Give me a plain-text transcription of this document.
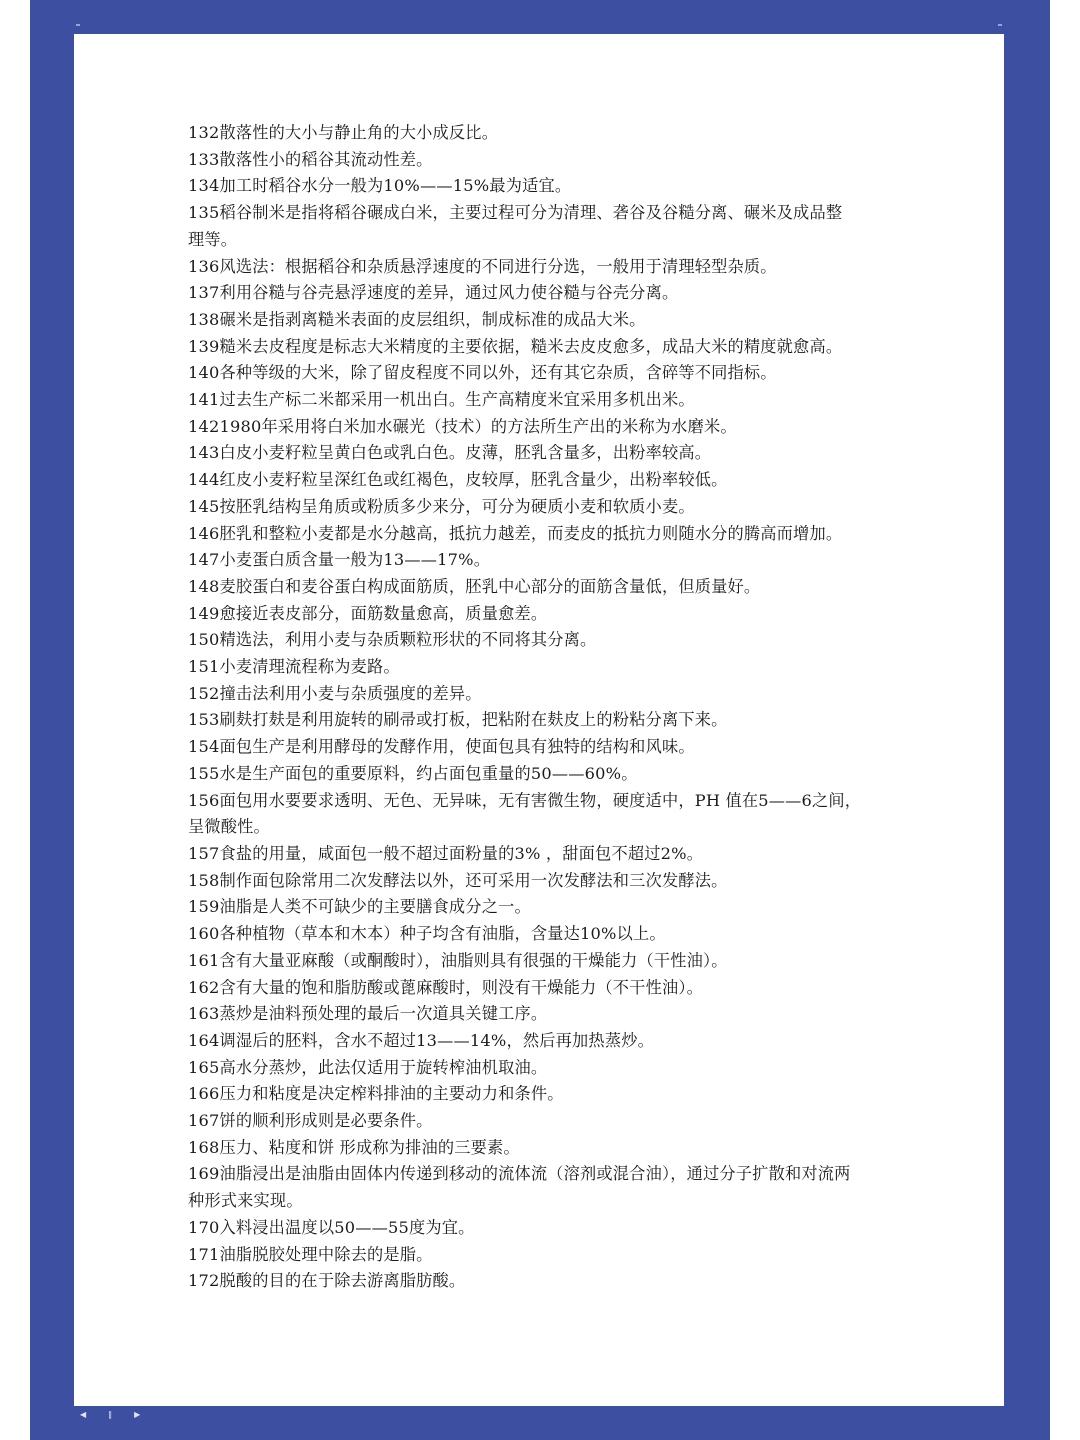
132散落性的大小与静止角的大小成反比。
133散落性小的稻谷其流动性差。
134加工时稻谷水分一般为10%——15%最为适宜。
135稻谷制米是指将稻谷碾成白米，主要过程可分为清理、砻谷及谷糙分离、碾米及成品整
理等。
136风选法：根据稻谷和杂质悬浮速度的不同进行分选，一般用于清理轻型杂质。
137利用谷糙与谷壳悬浮速度的差异，通过风力使谷糙与谷壳分离。
138碾米是指剥离糙米表面的皮层组织，制成标准的成品大米。
139糙米去皮程度是标志大米精度的主要依据，糙米去皮皮愈多，成品大米的精度就愈高。
140各种等级的大米，除了留皮程度不同以外，还有其它杂质，含碎等不同指标。
141过去生产标二米都采用一机出白。生产高精度米宜采用多机出米。
1421980年采用将白米加水碾光（技术）的方法所生产出的米称为水磨米。
143白皮小麦籽粒呈黄白色或乳白色。皮薄，胚乳含量多，出粉率较高。
144红皮小麦籽粒呈深红色或红褐色，皮较厚，胚乳含量少，出粉率较低。
145按胚乳结构呈角质或粉质多少来分，可分为硬质小麦和软质小麦。
146胚乳和整粒小麦都是水分越高，抵抗力越差，而麦皮的抵抗力则随水分的腾高而增加。
147小麦蛋白质含量一般为13——17%。
148麦胶蛋白和麦谷蛋白构成面筋质，胚乳中心部分的面筋含量低，但质量好。
149愈接近表皮部分，面筋数量愈高，质量愈差。
150精选法，利用小麦与杂质颗粒形状的不同将其分离。
151小麦清理流程称为麦路。
152撞击法利用小麦与杂质强度的差异。
153刷麸打麸是利用旋转的刷帚或打板，把粘附在麸皮上的粉粘分离下来。
154面包生产是利用酵母的发酵作用，使面包具有独特的结构和风味。
155水是生产面包的重要原料，约占面包重量的50——60%。
156面包用水要要求透明、无色、无异味，无有害微生物，硬度适中，PH 值在5——6之间，
呈微酸性。
157食盐的用量，咸面包一般不超过面粉量的3% ，甜面包不超过2%。
158制作面包除常用二次发酵法以外，还可采用一次发酵法和三次发酵法。
159油脂是人类不可缺少的主要膳食成分之一。
160各种植物（草本和木本）种子均含有油脂，含量达10%以上。
161含有大量亚麻酸（或酮酸时），油脂则具有很强的干燥能力（干性油）。
162含有大量的饱和脂肪酸或蓖麻酸时，则没有干燥能力（不干性油）。
163蒸炒是油料预处理的最后一次道具关键工序。
164调湿后的胚料，含水不超过13——14%，然后再加热蒸炒。
165高水分蒸炒，此法仅适用于旋转榨油机取油。
166压力和粘度是决定榨料排油的主要动力和条件。
167饼的顺利形成则是必要条件。
168压力、粘度和饼 形成称为排油的三要素。
169油脂浸出是油脂由固体内传递到移动的流体流（溶剂或混合油），通过分子扩散和对流两
种形式来实现。
170入料浸出温度以50——55度为宜。
171油脂脱胶处理中除去的是脂。
172脱酸的目的在于除去游离脂肪酸。
◀	∥	▶
